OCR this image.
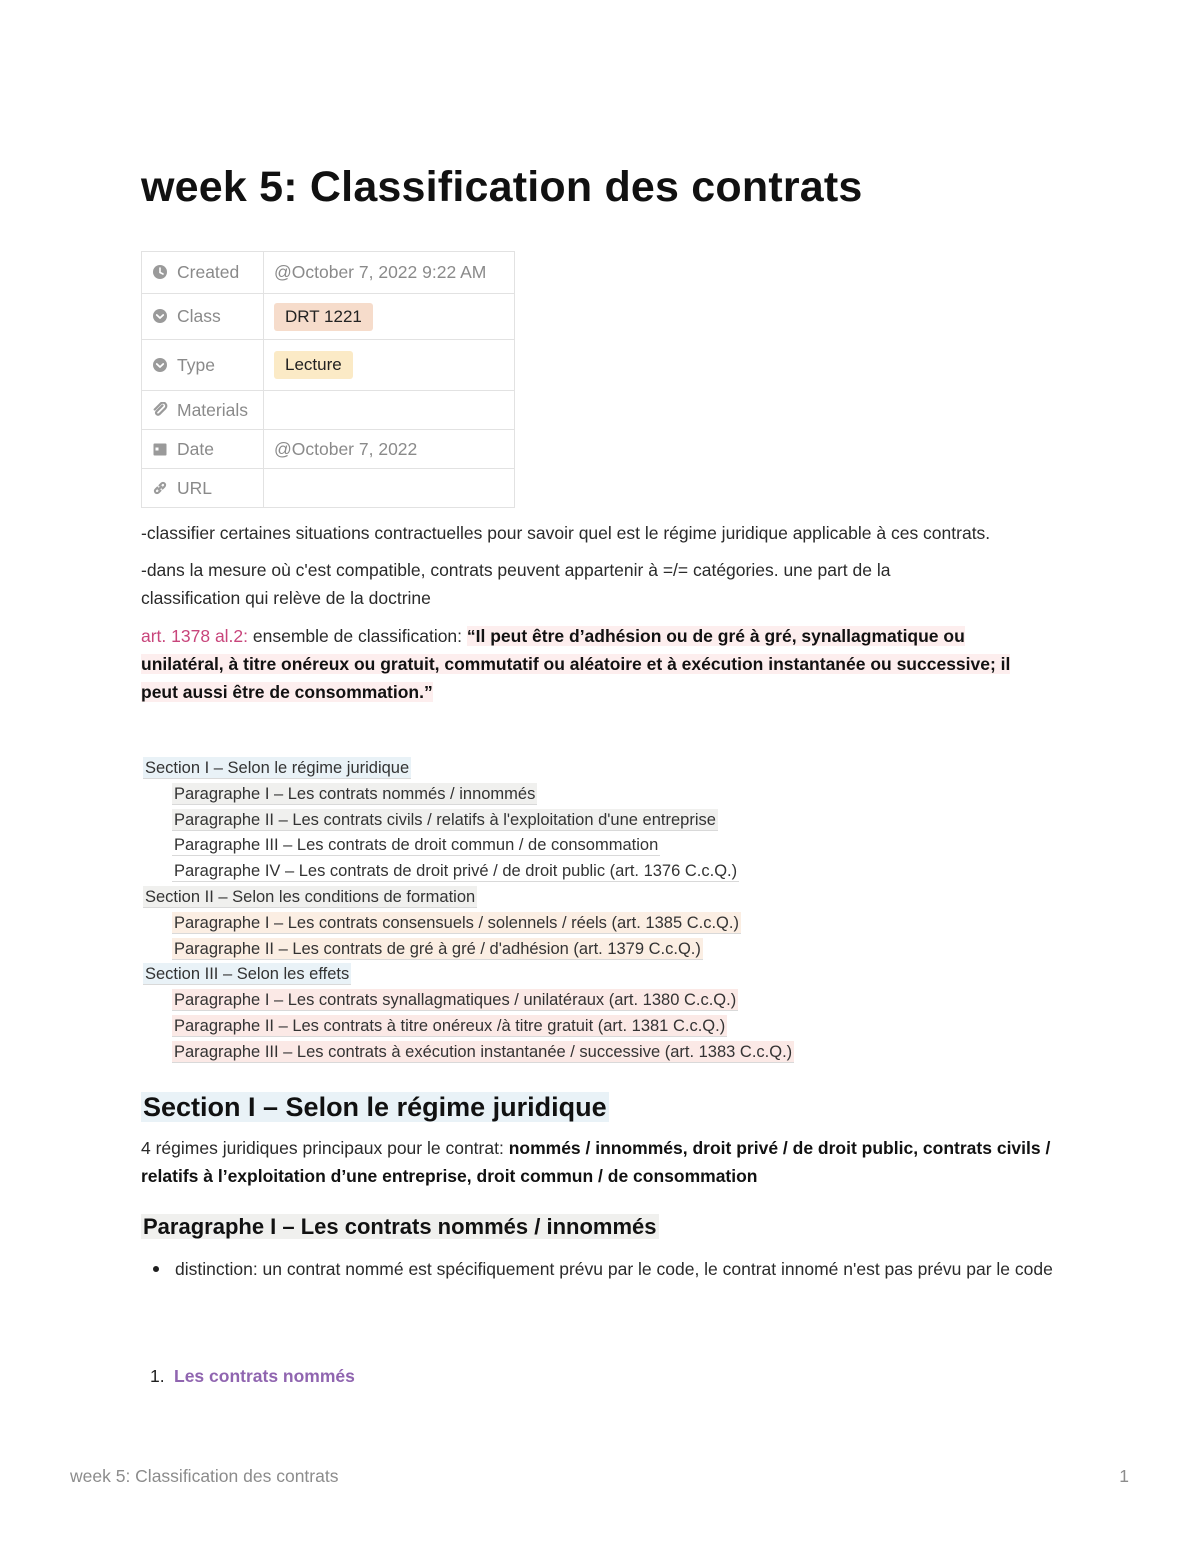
week 5: Classification des contrats
Created	@October 7, 2022 9:22 AM
Class	DRT 1221
Type	Lecture
Materials	
Date	@October 7, 2022
URL	

-classifier certaines situations contractuelles pour savoir quel est le régime juridique applicable à ces contrats.

-dans la mesure où c'est compatible, contrats peuvent appartenir à =/= catégories. une part de la classification qui relève de la doctrine

art. 1378 al.2: ensemble de classification: “Il peut être d’adhésion ou de gré à gré, synallagmatique ou unilatéral, à titre onéreux ou gratuit, commutatif ou aléatoire et à exécution instantanée ou successive; il peut aussi être de consommation.”

Section I – Selon le régime juridique
Paragraphe I – Les contrats nommés / innommés
Paragraphe II – Les contrats civils / relatifs à l'exploitation d'une entreprise
Paragraphe III – Les contrats de droit commun / de consommation
Paragraphe IV – Les contrats de droit privé / de droit public (art. 1376 C.c.Q.)
Section II – Selon les conditions de formation
Paragraphe I – Les contrats consensuels / solennels / réels (art. 1385 C.c.Q.)
Paragraphe II – Les contrats de gré à gré / d'adhésion (art. 1379 C.c.Q.)
Section III – Selon les effets
Paragraphe I – Les contrats synallagmatiques / unilatéraux (art. 1380 C.c.Q.)
Paragraphe II – Les contrats à titre onéreux /à titre gratuit (art. 1381 C.c.Q.)
Paragraphe III – Les contrats à exécution instantanée / successive (art. 1383 C.c.Q.)
Section I – Selon le régime juridique

4 régimes juridiques principaux pour le contrat: nommés / innommés, droit privé / de droit public, contrats civils / relatifs à l’exploitation d’une entreprise, droit commun / de consommation

Paragraphe I – Les contrats nommés / innommés
distinction: un contrat nommé est spécifiquement prévu par le code, le contrat innomé n'est pas prévu par le code
1. Les contrats nommés
week 5: Classification des contrats	1
